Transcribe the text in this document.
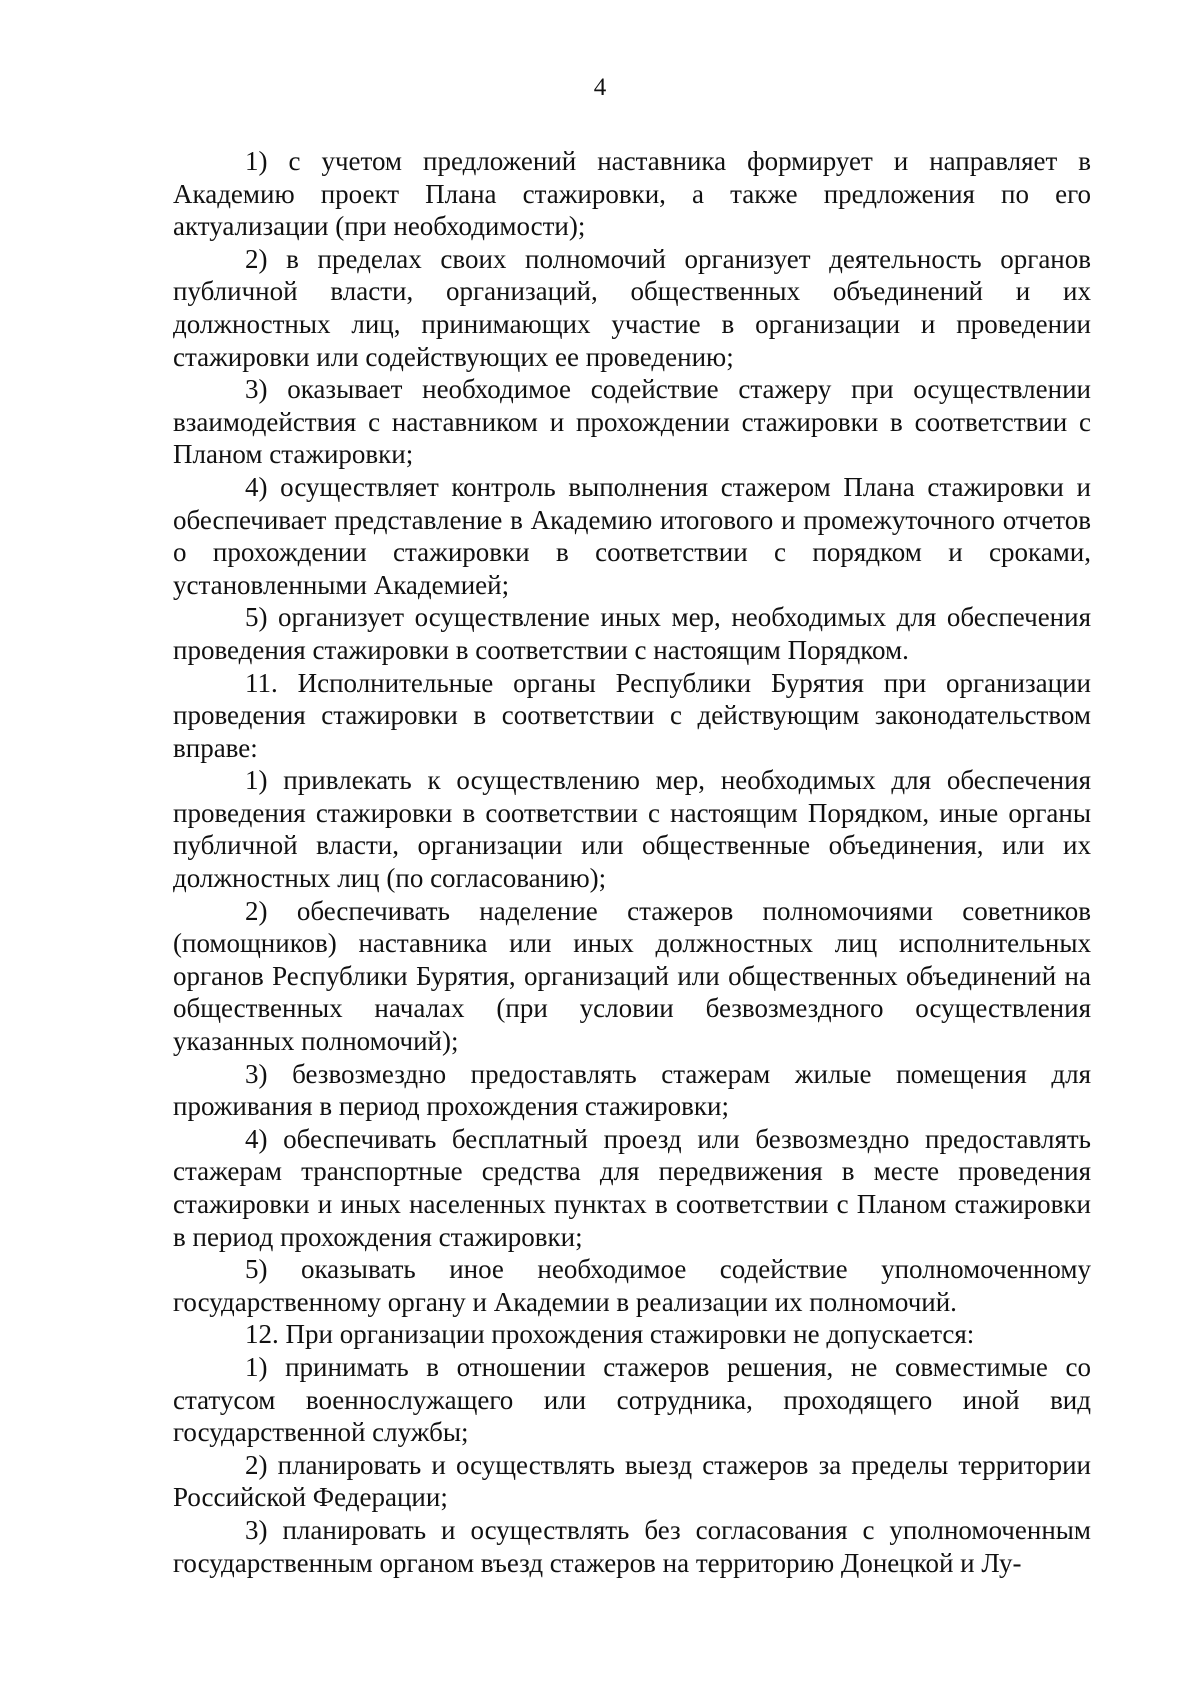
4

1) с учетом предложений наставника формирует и направляет в Академию проект Плана стажировки, а также предложения по его актуализации (при необходимости);

2) в пределах своих полномочий организует деятельность органов публичной власти, организаций, общественных объединений и их должностных лиц, принимающих участие в организации и проведении стажировки или содействующих ее проведению;

3) оказывает необходимое содействие стажеру при осуществлении взаимодействия с наставником и прохождении стажировки в соответствии с Планом стажировки;

4) осуществляет контроль выполнения стажером Плана стажировки и обеспечивает представление в Академию итогового и промежуточного отчетов о прохождении стажировки в соответствии с порядком и сроками, установленными Академией;

5) организует осуществление иных мер, необходимых для обеспечения проведения стажировки в соответствии с настоящим Порядком.

11. Исполнительные органы Республики Бурятия при организации проведения стажировки в соответствии с действующим законодательством вправе:

1) привлекать к осуществлению мер, необходимых для обеспечения проведения стажировки в соответствии с настоящим Порядком, иные органы публичной власти, организации или общественные объединения, или их должностных лиц (по согласованию);

2) обеспечивать наделение стажеров полномочиями советников (помощников) наставника или иных должностных лиц исполнительных органов Республики Бурятия, организаций или общественных объединений на общественных началах (при условии безвозмездного осуществления указанных полномочий);

3) безвозмездно предоставлять стажерам жилые помещения для проживания в период прохождения стажировки;

4) обеспечивать бесплатный проезд или безвозмездно предоставлять стажерам транспортные средства для передвижения в месте проведения стажировки и иных населенных пунктах в соответствии с Планом стажировки в период прохождения стажировки;

5) оказывать иное необходимое содействие уполномоченному государственному органу и Академии в реализации их полномочий.

12. При организации прохождения стажировки не допускается:

1) принимать в отношении стажеров решения, не совместимые со статусом военнослужащего или сотрудника, проходящего иной вид государственной службы;

2) планировать и осуществлять выезд стажеров за пределы территории Российской Федерации;

3) планировать и осуществлять без согласования с уполномоченным государственным органом въезд стажеров на территорию Донецкой и Лу-
